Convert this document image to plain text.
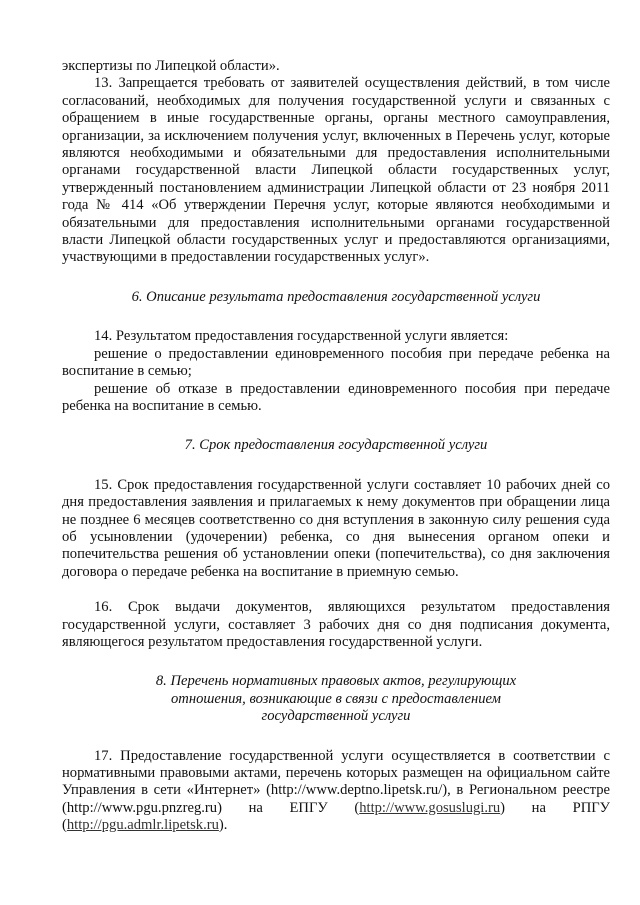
экспертизы по Липецкой области».

13. Запрещается требовать от заявителей осуществления действий, в том числе согласований, необходимых для получения государственной услуги и связанных с обращением в иные государственные органы, органы местного самоуправления, организации, за исключением получения услуг, включенных в Перечень услуг, которые являются необходимыми и обязательными для предоставления исполнительными органами государственной власти Липецкой области государственных услуг, утвержденный постановлением администрации Липецкой области от 23 ноября 2011 года № 414 «Об утверждении Перечня услуг, которые являются необходимыми и обязательными для предоставления исполнительными органами государственной власти Липецкой области государственных услуг и предоставляются организациями, участвующими в предоставлении государственных услуг».

6. Описание результата предоставления государственной услуги

14. Результатом предоставления государственной услуги является:

решение о предоставлении единовременного пособия при передаче ребенка на воспитание в семью;

решение об отказе в предоставлении единовременного пособия при передаче ребенка на воспитание в семью.

7. Срок предоставления государственной услуги

15. Срок предоставления государственной услуги составляет 10 рабочих дней со дня предоставления заявления и прилагаемых к нему документов при обращении лица не позднее 6 месяцев соответственно со дня вступления в законную силу решения суда об усыновлении (удочерении) ребенка, со дня вынесения органом опеки и попечительства решения об установлении опеки (попечительства), со дня заключения договора о передаче ребенка на воспитание в приемную семью.

16. Срок выдачи документов, являющихся результатом предоставления государственной услуги, составляет 3 рабочих дня со дня подписания документа, являющегося результатом предоставления государственной услуги.

8. Перечень нормативных правовых актов, регулирующих

отношения, возникающие в связи с предоставлением

государственной услуги

17. Предоставление государственной услуги осуществляется в соответствии с нормативными правовыми актами, перечень которых размещен на официальном сайте Управления в сети «Интернет» (http://www.deptno.lipetsk.ru/), в Региональном реестре (http://www.pgu.pnzreg.ru) на ЕПГУ (http://www.gosuslugi.ru) на РПГУ (http://pgu.admlr.lipetsk.ru).
